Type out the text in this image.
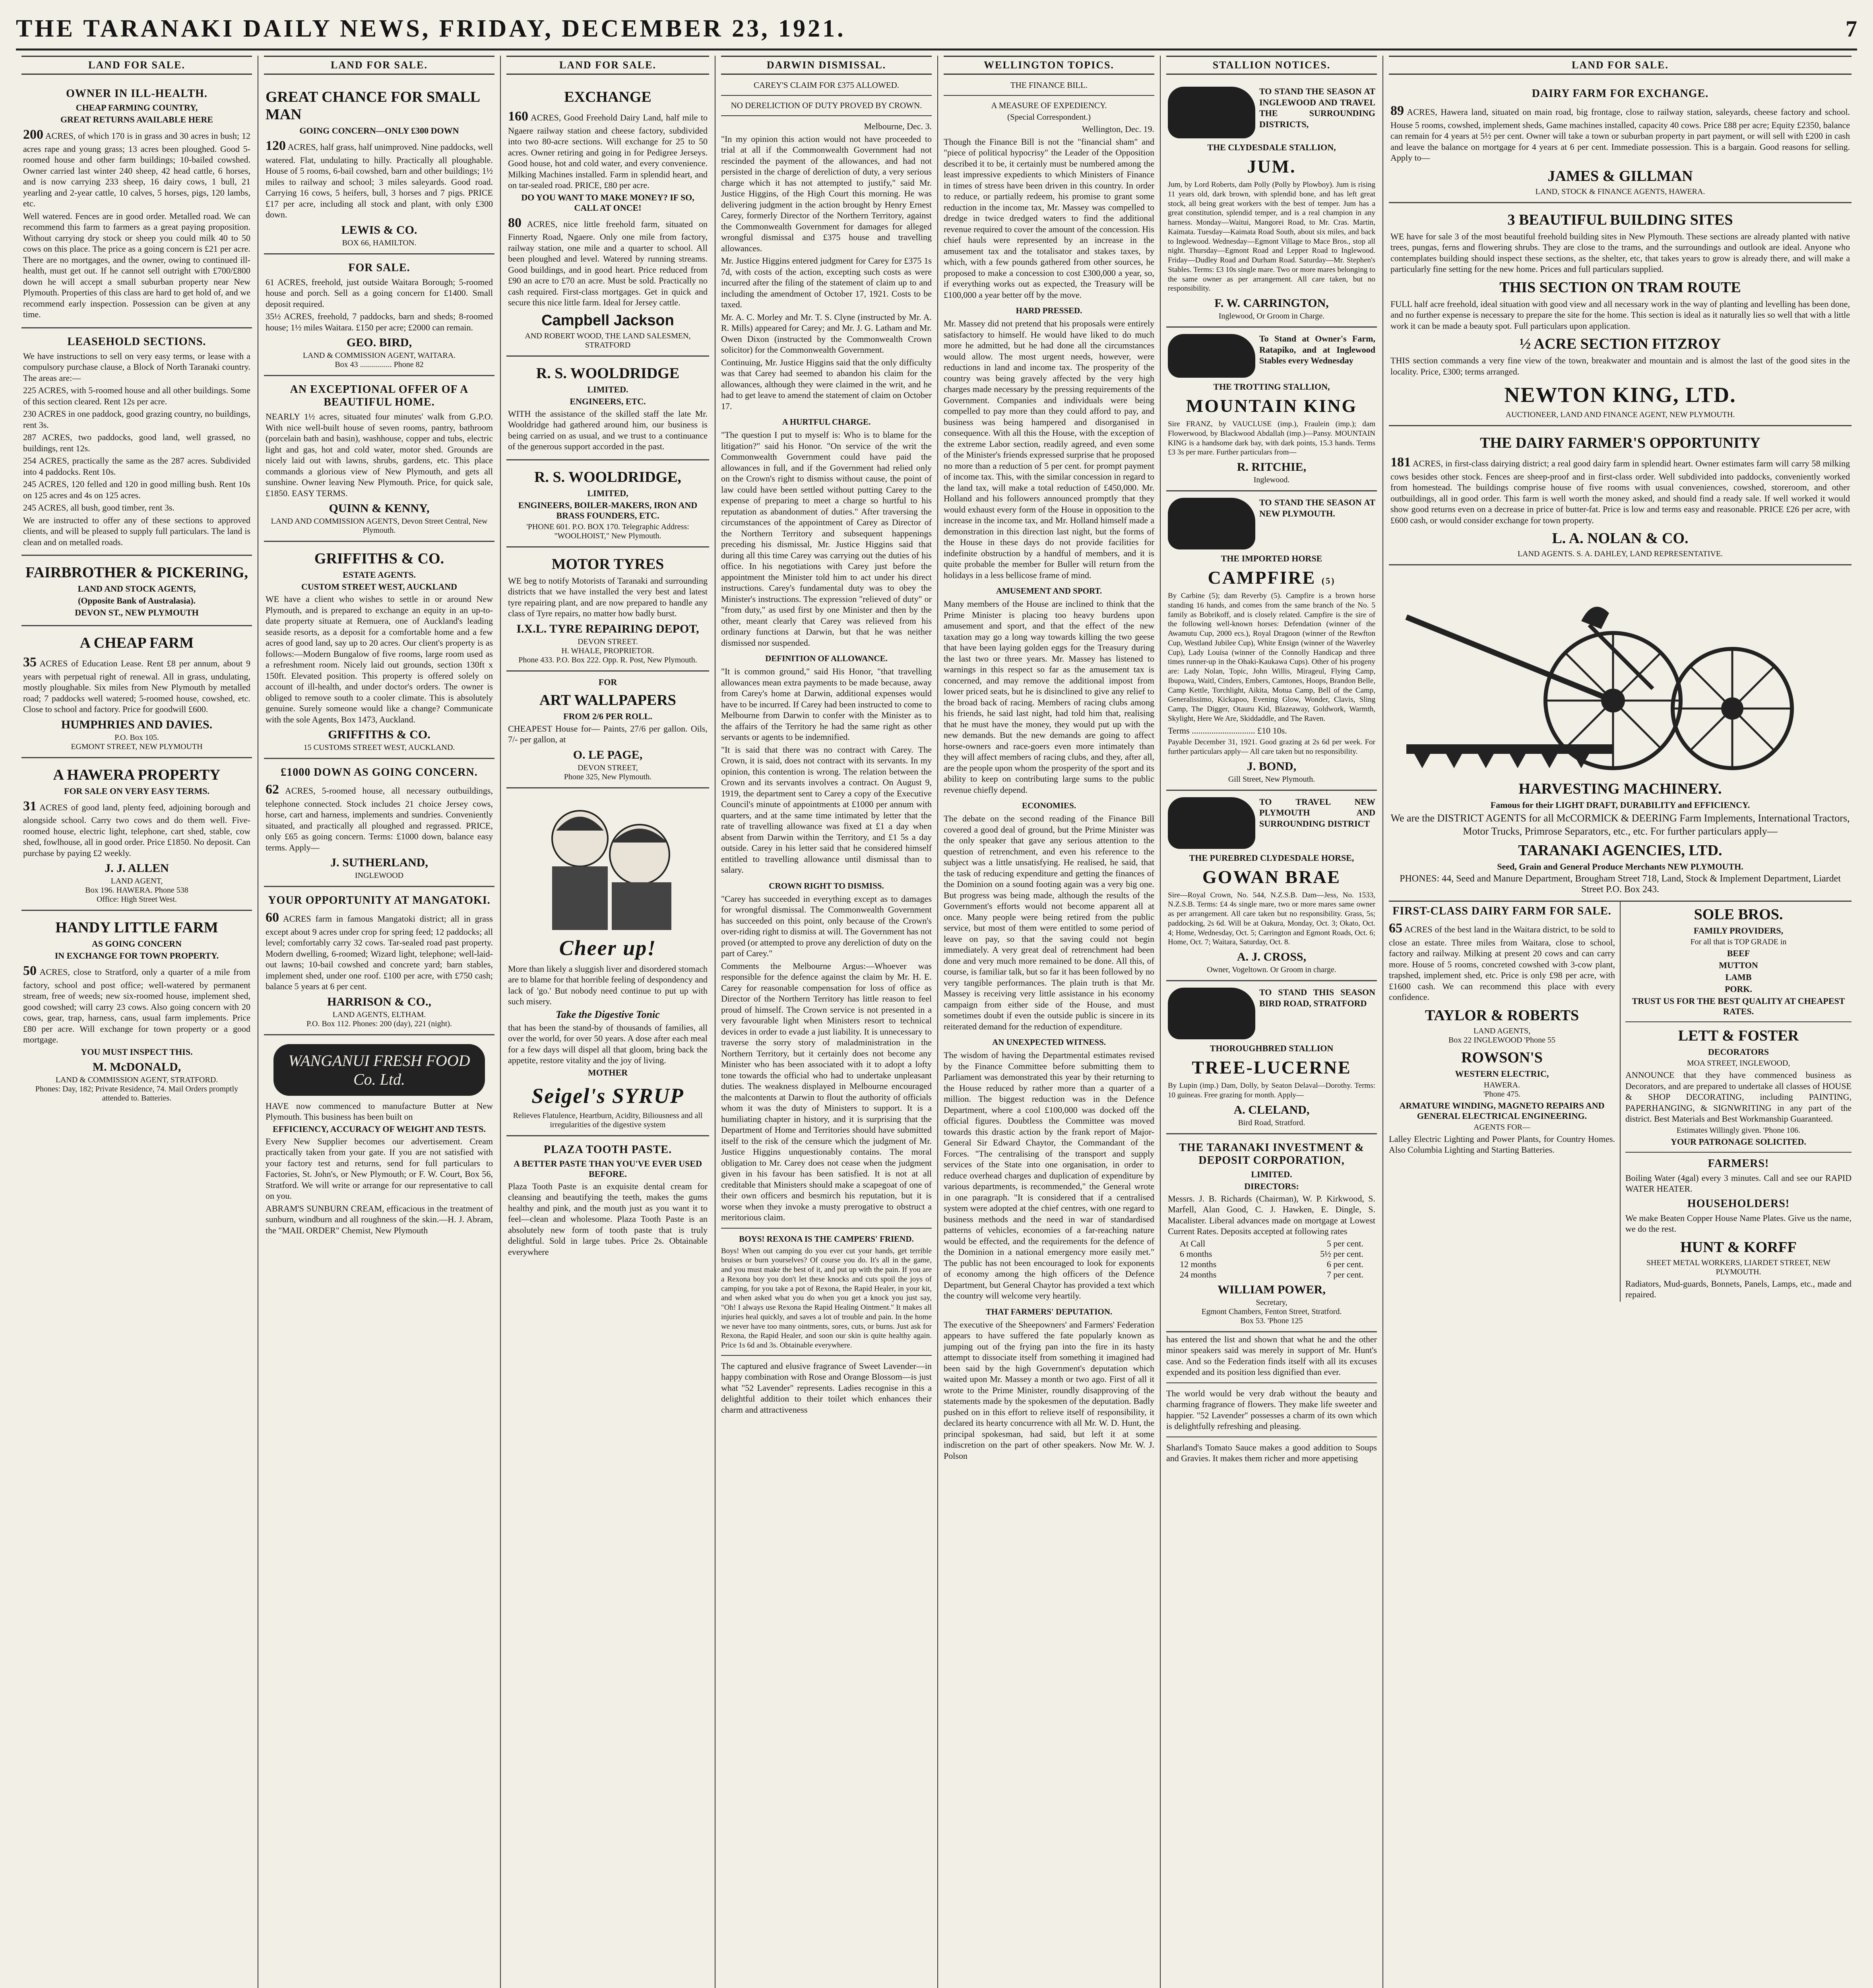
THE TARANAKI DAILY NEWS, FRIDAY, DECEMBER 23, 1921.	7
LAND FOR SALE.
OWNER IN ILL-HEALTH.
CHEAP FARMING COUNTRY,
GREAT RETURNS AVAILABLE HERE

200 ACRES, of which 170 is in grass and 30 acres in bush; 12 acres rape and young grass; 13 acres been ploughed. Good 5-roomed house and other farm buildings; 10-bailed cowshed. Owner carried last winter 240 sheep, 42 head cattle, 6 horses, and is now carrying 233 sheep, 16 dairy cows, 1 bull, 21 yearling and 2-year cattle, 10 calves, 5 horses, pigs, 120 lambs, etc.

Well watered. Fences are in good order. Metalled road. We can recommend this farm to farmers as a great paying proposition. Without carrying dry stock or sheep you could milk 40 to 50 cows on this place. The price as a going concern is £21 per acre. There are no mortgages, and the owner, owing to continued ill-health, must get out. If he cannot sell outright with £700/£800 down he will accept a small suburban property near New Plymouth. Properties of this class are hard to get hold of, and we recommend early inspection. Possession can be given at any time.

LEASEHOLD SECTIONS.

We have instructions to sell on very easy terms, or lease with a compulsory purchase clause, a Block of North Taranaki country. The areas are:—

225 ACRES, with 5-roomed house and all other buildings. Some of this section cleared. Rent 12s per acre.

230 ACRES in one paddock, good grazing country, no buildings, rent 3s.

287 ACRES, two paddocks, good land, well grassed, no buildings, rent 12s.

254 ACRES, practically the same as the 287 acres. Subdivided into 4 paddocks. Rent 10s.

245 ACRES, 120 felled and 120 in good milling bush. Rent 10s on 125 acres and 4s on 125 acres.

245 ACRES, all bush, good timber, rent 3s.

We are instructed to offer any of these sections to approved clients, and will be pleased to supply full particulars. The land is clean and on metalled roads.

FAIRBROTHER & PICKERING,
LAND AND STOCK AGENTS,
(Opposite Bank of Australasia).
DEVON ST., NEW PLYMOUTH
A CHEAP FARM

35 ACRES of Education Lease. Rent £8 per annum, about 9 years with perpetual right of renewal. All in grass, undulating, mostly ploughable. Six miles from New Plymouth by metalled road; 7 paddocks well watered; 5-roomed house, cowshed, etc. Close to school and factory. Price for goodwill £600.

HUMPHRIES AND DAVIES.
P.O. Box 105.
EGMONT STREET, NEW PLYMOUTH
A HAWERA PROPERTY
FOR SALE ON VERY EASY TERMS.

31 ACRES of good land, plenty feed, adjoining borough and alongside school. Carry two cows and do them well. Five-roomed house, electric light, telephone, cart shed, stable, cow shed, fowlhouse, all in good order. Price £1850. No deposit. Can purchase by paying £2 weekly.

J. J. ALLEN
LAND AGENT,
Box 196. HAWERA. Phone 538
Office: High Street West.
HANDY LITTLE FARM
AS GOING CONCERN
IN EXCHANGE FOR TOWN PROPERTY.

50 ACRES, close to Stratford, only a quarter of a mile from factory, school and post office; well-watered by permanent stream, free of weeds; new six-roomed house, implement shed, good cowshed; will carry 23 cows. Also going concern with 20 cows, gear, trap, harness, cans, usual farm implements. Price £80 per acre. Will exchange for town property or a good mortgage.

YOU MUST INSPECT THIS.
M. McDONALD,
LAND & COMMISSION AGENT, STRATFORD.
Phones: Day, 182; Private Residence, 74. Mail Orders promptly attended to. Batteries.
LAND FOR SALE.
GREAT CHANCE FOR SMALL MAN
GOING CONCERN—ONLY £300 DOWN

120 ACRES, half grass, half unimproved. Nine paddocks, well watered. Flat, undulating to hilly. Practically all ploughable. House of 5 rooms, 6-bail cowshed, barn and other buildings; 1½ miles to railway and school; 3 miles saleyards. Good road. Carrying 16 cows, 5 heifers, bull, 3 horses and 7 pigs. PRICE £17 per acre, including all stock and plant, with only £300 down.

LEWIS & CO.
BOX 66, HAMILTON.
FOR SALE.

61 ACRES, freehold, just outside Waitara Borough; 5-roomed house and porch. Sell as a going concern for £1400. Small deposit required.

35½ ACRES, freehold, 7 paddocks, barn and sheds; 8-roomed house; 1½ miles Waitara. £150 per acre; £2000 can remain.

GEO. BIRD,
LAND & COMMISSION AGENT, WAITARA.
Box 43 ................ Phone 82
AN EXCEPTIONAL OFFER OF A BEAUTIFUL HOME.

NEARLY 1½ acres, situated four minutes' walk from G.P.O. With nice well-built house of seven rooms, pantry, bathroom (porcelain bath and basin), washhouse, copper and tubs, electric light and gas, hot and cold water, motor shed. Grounds are nicely laid out with lawns, shrubs, gardens, etc. This place commands a glorious view of New Plymouth, and gets all sunshine. Owner leaving New Plymouth. Price, for quick sale, £1850. EASY TERMS.

QUINN & KENNY,
LAND AND COMMISSION AGENTS, Devon Street Central, New Plymouth.
GRIFFITHS & CO.
ESTATE AGENTS.
CUSTOM STREET WEST, AUCKLAND

WE have a client who wishes to settle in or around New Plymouth, and is prepared to exchange an equity in an up-to-date property situate at Remuera, one of Auckland's leading seaside resorts, as a deposit for a comfortable home and a few acres of good land, say up to 20 acres. Our client's property is as follows:—Modern Bungalow of five rooms, large room used as a refreshment room. Nicely laid out grounds, section 130ft x 150ft. Elevated position. This property is offered solely on account of ill-health, and under doctor's orders. The owner is obliged to remove south to a cooler climate. This is absolutely genuine. Surely someone would like a change? Communicate with the sole Agents, Box 1473, Auckland.

GRIFFITHS & CO.
15 CUSTOMS STREET WEST, AUCKLAND.
£1000 DOWN AS GOING CONCERN.

62 ACRES, 5-roomed house, all necessary outbuildings, telephone connected. Stock includes 21 choice Jersey cows, horse, cart and harness, implements and sundries. Conveniently situated, and practically all ploughed and regrassed. PRICE, only £65 as going concern. Terms: £1000 down, balance easy terms. Apply—

J. SUTHERLAND,
INGLEWOOD
YOUR OPPORTUNITY AT MANGATOKI.

60 ACRES farm in famous Mangatoki district; all in grass except about 9 acres under crop for spring feed; 12 paddocks; all level; comfortably carry 32 cows. Tar-sealed road past property. Modern dwelling, 6-roomed; Wizard light, telephone; well-laid-out lawns; 10-bail cowshed and concrete yard; barn stables, implement shed, under one roof. £100 per acre, with £750 cash; balance 5 years at 6 per cent.

HARRISON & CO.,
LAND AGENTS, ELTHAM.
P.O. Box 112. Phones: 200 (day), 221 (night).
WANGANUI FRESH FOOD Co. Ltd.

HAVE now commenced to manufacture Butter at New Plymouth. This business has been built on

EFFICIENCY, ACCURACY OF WEIGHT AND TESTS.

Every New Supplier becomes our advertisement. Cream practically taken from your gate. If you are not satisfied with your factory test and returns, send for full particulars to Factories, St. John's, or New Plymouth; or F. W. Court, Box 56, Stratford. We will write or arrange for our representative to call on you.

ABRAM'S SUNBURN CREAM, efficacious in the treatment of sunburn, windburn and all roughness of the skin.—H. J. Abram, the "MAIL ORDER" Chemist, New Plymouth

LAND FOR SALE.
EXCHANGE

160 ACRES, Good Freehold Dairy Land, half mile to Ngaere railway station and cheese factory, subdivided into two 80-acre sections. Will exchange for 25 to 50 acres. Owner retiring and going in for Pedigree Jerseys. Good house, hot and cold water, and every convenience. Milking Machines installed. Farm in splendid heart, and on tar-sealed road. PRICE, £80 per acre.

DO YOU WANT TO MAKE MONEY? IF SO, CALL AT ONCE!

80 ACRES, nice little freehold farm, situated on Finnerty Road, Ngaere. Only one mile from factory, railway station, one mile and a quarter to school. All been ploughed and level. Watered by running streams. Good buildings, and in good heart. Price reduced from £90 an acre to £70 an acre. Must be sold. Practically no cash required. First-class mortgages. Get in quick and secure this nice little farm. Ideal for Jersey cattle.

Campbell Jackson
AND ROBERT WOOD, THE LAND SALESMEN, STRATFORD
R. S. WOOLDRIDGE
LIMITED.
ENGINEERS, ETC.

WITH the assistance of the skilled staff the late Mr. Wooldridge had gathered around him, our business is being carried on as usual, and we trust to a continuance of the generous support accorded in the past.

R. S. WOOLDRIDGE,
LIMITED,
ENGINEERS, BOILER-MAKERS, IRON AND BRASS FOUNDERS, ETC.
'PHONE 601. P.O. BOX 170. Telegraphic Address: "WOOLHOIST," New Plymouth.
MOTOR TYRES

WE beg to notify Motorists of Taranaki and surrounding districts that we have installed the very best and latest tyre repairing plant, and are now prepared to handle any class of Tyre repairs, no matter how badly burst.

I.X.L. TYRE REPAIRING DEPOT,
DEVON STREET.
H. WHALE, PROPRIETOR.
Phone 433. P.O. Box 222. Opp. R. Post, New Plymouth.
FOR
ART WALLPAPERS
FROM 2/6 PER ROLL.

CHEAPEST House for— Paints, 27/6 per gallon. Oils, 7/- per gallon, at

O. LE PAGE,
DEVON STREET,
Phone 325, New Plymouth.
Cheer up!

More than likely a sluggish liver and disordered stomach are to blame for that horrible feeling of despondency and lack of 'go.' But nobody need continue to put up with such misery.

Take the Digestive Tonic

that has been the stand-by of thousands of families, all over the world, for over 50 years. A dose after each meal for a few days will dispel all that gloom, bring back the appetite, restore vitality and the joy of living.

MOTHER
Seigel's SYRUP
Relieves Flatulence, Heartburn, Acidity, Biliousness and all irregularities of the digestive system
PLAZA TOOTH PASTE.
A BETTER PASTE THAN YOU'VE EVER USED BEFORE.

Plaza Tooth Paste is an exquisite dental cream for cleansing and beautifying the teeth, makes the gums healthy and pink, and the mouth just as you want it to feel—clean and wholesome. Plaza Tooth Paste is an absolutely new form of tooth paste that is truly delightful. Sold in large tubes. Price 2s. Obtainable everywhere

DARWIN DISMISSAL.
CAREY'S CLAIM FOR £375 ALLOWED.
NO DERELICTION OF DUTY PROVED BY CROWN.

Melbourne, Dec. 3.

"In my opinion this action would not have proceeded to trial at all if the Commonwealth Government had not rescinded the payment of the allowances, and had not persisted in the charge of dereliction of duty, a very serious charge which it has not attempted to justify," said Mr. Justice Higgins, of the High Court this morning. He was delivering judgment in the action brought by Henry Ernest Carey, formerly Director of the Northern Territory, against the Commonwealth Government for damages for alleged wrongful dismissal and £375 house and travelling allowances.

Mr. Justice Higgins entered judgment for Carey for £375 1s 7d, with costs of the action, excepting such costs as were incurred after the filing of the statement of claim up to and including the amendment of October 17, 1921. Costs to be taxed.

Mr. A. C. Morley and Mr. T. S. Clyne (instructed by Mr. A. R. Mills) appeared for Carey; and Mr. J. G. Latham and Mr. Owen Dixon (instructed by the Commonwealth Crown solicitor) for the Commonwealth Government.

Continuing, Mr. Justice Higgins said that the only difficulty was that Carey had seemed to abandon his claim for the allowances, although they were claimed in the writ, and he had to get leave to amend the statement of claim on October 17.

A HURTFUL CHARGE.

"The question I put to myself is: Who is to blame for the litigation?" said his Honor. "On service of the writ the Commonwealth Government could have paid the allowances in full, and if the Government had relied only on the Crown's right to dismiss without cause, the point of law could have been settled without putting Carey to the expense of preparing to meet a charge so hurtful to his reputation as abandonment of duties." After traversing the circumstances of the appointment of Carey as Director of the Northern Territory and subsequent happenings preceding his dismissal, Mr. Justice Higgins said that during all this time Carey was carrying out the duties of his office. In his negotiations with Carey just before the appointment the Minister told him to act under his direct instructions. Carey's fundamental duty was to obey the Minister's instructions. The expression "relieved of duty" or "from duty," as used first by one Minister and then by the other, meant clearly that Carey was relieved from his ordinary functions at Darwin, but that he was neither dismissed nor suspended.

DEFINITION OF ALLOWANCE.

"It is common ground," said His Honor, "that travelling allowances mean extra payments to be made because, away from Carey's home at Darwin, additional expenses would have to be incurred. If Carey had been instructed to come to Melbourne from Darwin to confer with the Minister as to the affairs of the Territory he had the same right as other servants or agents to be indemnified.

"It is said that there was no contract with Carey. The Crown, it is said, does not contract with its servants. In my opinion, this contention is wrong. The relation between the Crown and its servants involves a contract. On August 9, 1919, the department sent to Carey a copy of the Executive Council's minute of appointments at £1000 per annum with quarters, and at the same time intimated by letter that the rate of travelling allowance was fixed at £1 a day when absent from Darwin within the Territory, and £1 5s a day outside. Carey in his letter said that he considered himself entitled to travelling allowance until dismissal than to salary.

CROWN RIGHT TO DISMISS.

"Carey has succeeded in everything except as to damages for wrongful dismissal. The Commonwealth Government has succeeded on this point, only because of the Crown's over-riding right to dismiss at will. The Government has not proved (or attempted to prove any dereliction of duty on the part of Carey."

Comments the Melbourne Argus:—Whoever was responsible for the defence against the claim by Mr. H. E. Carey for reasonable compensation for loss of office as Director of the Northern Territory has little reason to feel proud of himself. The Crown service is not presented in a very favourable light when Ministers resort to technical devices in order to evade a just liability. It is unnecessary to traverse the sorry story of maladministration in the Northern Territory, but it certainly does not become any Minister who has been associated with it to adopt a lofty tone towards the official who had to undertake unpleasant duties. The weakness displayed in Melbourne encouraged the malcontents at Darwin to flout the authority of officials whom it was the duty of Ministers to support. It is a humiliating chapter in history, and it is surprising that the Department of Home and Territories should have submitted itself to the risk of the censure which the judgment of Mr. Justice Higgins unquestionably contains. The moral obligation to Mr. Carey does not cease when the judgment given in his favour has been satisfied. It is not at all creditable that Ministers should make a scapegoat of one of their own officers and besmirch his reputation, but it is worse when they invoke a musty prerogative to obstruct a meritorious claim.

BOYS! REXONA IS THE CAMPERS' FRIEND.

Boys! When out camping do you ever cut your hands, get terrible bruises or burn yourselves? Of course you do. It's all in the game, and you must make the best of it, and put up with the pain. If you are a Rexona boy you don't let these knocks and cuts spoil the joys of camping, for you take a pot of Rexona, the Rapid Healer, in your kit, and when asked what you do when you get a knock you just say, "Oh! I always use Rexona the Rapid Healing Ointment." It makes all injuries heal quickly, and saves a lot of trouble and pain. In the home we never have too many ointments, sores, cuts, or burns. Just ask for Rexona, the Rapid Healer, and soon our skin is quite healthy again. Price 1s 6d and 3s. Obtainable everywhere.

The captured and elusive fragrance of Sweet Lavender—in happy combination with Rose and Orange Blossom—is just what "52 Lavender" represents. Ladies recognise in this a delightful addition to their toilet which enhances their charm and attractiveness

WELLINGTON TOPICS.
THE FINANCE BILL.
A MEASURE OF EXPEDIENCY.
(Special Correspondent.)

Wellington, Dec. 19.

Though the Finance Bill is not the "financial sham" and "piece of political hypocrisy" the Leader of the Opposition described it to be, it certainly must be numbered among the least impressive expedients to which Ministers of Finance in times of stress have been driven in this country. In order to reduce, or partially redeem, his promise to grant some reduction in the income tax, Mr. Massey was compelled to dredge in twice dredged waters to find the additional revenue required to cover the amount of the concession. His chief hauls were represented by an increase in the amusement tax and the totalisator and stakes taxes, by which, with a few pounds gathered from other sources, he proposed to make a concession to cost £300,000 a year, so, if everything works out as expected, the Treasury will be £100,000 a year better off by the move.

HARD PRESSED.

Mr. Massey did not pretend that his proposals were entirely satisfactory to himself. He would have liked to do much more he admitted, but he had done all the circumstances would allow. The most urgent needs, however, were reductions in land and income tax. The prosperity of the country was being gravely affected by the very high charges made necessary by the pressing requirements of the Government. Companies and individuals were being compelled to pay more than they could afford to pay, and business was being hampered and disorganised in consequence. With all this the House, with the exception of the extreme Labor section, readily agreed, and even some of the Minister's friends expressed surprise that he proposed no more than a reduction of 5 per cent. for prompt payment of income tax. This, with the similar concession in regard to the land tax, will make a total reduction of £450,000. Mr. Holland and his followers announced promptly that they would exhaust every form of the House in opposition to the increase in the income tax, and Mr. Holland himself made a demonstration in this direction last night, but the forms of the House in these days do not provide facilities for indefinite obstruction by a handful of members, and it is quite probable the member for Buller will return from the holidays in a less bellicose frame of mind.

AMUSEMENT AND SPORT.

Many members of the House are inclined to think that the Prime Minister is placing too heavy burdens upon amusement and sport, and that the effect of the new taxation may go a long way towards killing the two geese that have been laying golden eggs for the Treasury during the last two or three years. Mr. Massey has listened to warnings in this respect so far as the amusement tax is concerned, and may remove the additional impost from lower priced seats, but he is disinclined to give any relief to the broad back of racing. Members of racing clubs among his friends, he said last night, had told him that, realising that he must have the money, they would put up with the new demands. But the new demands are going to affect horse-owners and race-goers even more intimately than they will affect members of racing clubs, and they, after all, are the people upon whom the prosperity of the sport and its ability to keep on contributing large sums to the public revenue chiefly depend.

ECONOMIES.

The debate on the second reading of the Finance Bill covered a good deal of ground, but the Prime Minister was the only speaker that gave any serious attention to the question of retrenchment, and even his reference to the subject was a little unsatisfying. He realised, he said, that the task of reducing expenditure and getting the finances of the Dominion on a sound footing again was a very big one. But progress was being made, although the results of the Government's efforts would not become apparent all at once. Many people were being retired from the public service, but most of them were entitled to some period of leave on pay, so that the saving could not begin immediately. A very great deal of retrenchment had been done and very much more remained to be done. All this, of course, is familiar talk, but so far it has been followed by no very tangible performances. The plain truth is that Mr. Massey is receiving very little assistance in his economy campaign from either side of the House, and must sometimes doubt if even the outside public is sincere in its reiterated demand for the reduction of expenditure.

AN UNEXPECTED WITNESS.

The wisdom of having the Departmental estimates revised by the Finance Committee before submitting them to Parliament was demonstrated this year by their returning to the House reduced by rather more than a quarter of a million. The biggest reduction was in the Defence Department, where a cool £100,000 was docked off the official figures. Doubtless the Committee was moved towards this drastic action by the frank report of Major-General Sir Edward Chaytor, the Commandant of the Forces. "The centralising of the transport and supply services of the State into one organisation, in order to reduce overhead charges and duplication of expenditure by various departments, is recommended," the General wrote in one paragraph. "It is considered that if a centralised system were adopted at the chief centres, with one regard to business methods and the need in war of standardised patterns of vehicles, economies of a far-reaching nature would be effected, and the requirements for the defence of the Dominion in a national emergency more easily met." The public has not been encouraged to look for exponents of economy among the high officers of the Defence Department, but General Chaytor has provided a text which the country will welcome very heartily.

THAT FARMERS' DEPUTATION.

The executive of the Sheepowners' and Farmers' Federation appears to have suffered the fate popularly known as jumping out of the frying pan into the fire in its hasty attempt to dissociate itself from something it imagined had been said by the high Government's deputation which waited upon Mr. Massey a month or two ago. First of all it wrote to the Prime Minister, roundly disapproving of the statements made by the spokesmen of the deputation. Badly pushed on in this effort to relieve itself of responsibility, it declared its hearty concurrence with all Mr. W. D. Hunt, the principal spokesman, had said, but left it at some indiscretion on the part of other speakers. Now Mr. W. J. Polson

STALLION NOTICES.

TO STAND THE SEASON AT INGLEWOOD AND TRAVEL THE SURROUNDING DISTRICTS,

THE CLYDESDALE STALLION,
JUM.

Jum, by Lord Roberts, dam Polly (Polly by Plowboy). Jum is rising 11 years old, dark brown, with splendid bone, and has left great stock, all being great workers with the best of temper. Jum has a great constitution, splendid temper, and is a real champion in any harness. Monday—Waitui, Mangorei Road, to Mr. Cras. Martin, Kaimata. Tuesday—Kaimata Road South, about six miles, and back to Inglewood. Wednesday—Egmont Village to Mace Bros., stop all night. Thursday—Egmont Road and Lepper Road to Inglewood. Friday—Dudley Road and Durham Road. Saturday—Mr. Stephen's Stables. Terms: £3 10s single mare. Two or more mares belonging to the same owner as per arrangement. All care taken, but no responsibility.

F. W. CARRINGTON,
Inglewood, Or Groom in Charge.

To Stand at Owner's Farm, Ratapiko, and at Inglewood Stables every Wednesday

THE TROTTING STALLION,
MOUNTAIN KING

Sire FRANZ, by VAUCLUSE (imp.), Fraulein (imp.); dam Flowerwood, by Blackwood Abdallah (imp.)—Pansy. MOUNTAIN KING is a handsome dark bay, with dark points, 15.3 hands. Terms £3 3s per mare. Further particulars from—

R. RITCHIE,
Inglewood.

TO STAND THE SEASON AT NEW PLYMOUTH.

THE IMPORTED HORSE
CAMPFIRE (5)

By Carbine (5); dam Reverby (5). Campfire is a brown horse standing 16 hands, and comes from the same branch of the No. 5 family as Bobrikoff, and is closely related. Campfire is the sire of the following well-known horses: Defendation (winner of the Awamutu Cup, 2000 ecs.), Royal Dragoon (winner of the Rewfton Cup, Westland Jubilee Cup), White Ensign (winner of the Waverley Cup), Lady Louisa (winner of the Connolly Handicap and three times runner-up in the Ohaki-Kaukawa Cups). Other of his progeny are: Lady Nolan, Topic, John Willis, Mirageul, Flying Camp, Ibupowa, Waitl, Cinders, Embers, Camtones, Hoops, Brandon Belle, Camp Kettle, Torchlight, Aikita, Motua Camp, Bell of the Camp, Generalissimo, Kickapoo, Evening Glow, Wonder, Clavis, Sling Camp, The Digger, Otauru Kid, Blazeaway, Goldwork, Warmth, Skylight, Here We Are, Skiddaddle, and The Raven.

Terms ............................. £10 10s.

Payable December 31, 1921. Good grazing at 2s 6d per week. For further particulars apply— All care taken but no responsibility.

J. BOND,
Gill Street, New Plymouth.

TO TRAVEL NEW PLYMOUTH AND SURROUNDING DISTRICT

THE PUREBRED CLYDESDALE HORSE,
GOWAN BRAE

Sire—Royal Crown, No. 544, N.Z.S.B. Dam—Jess, No. 1533, N.Z.S.B. Terms: £4 4s single mare, two or more mares same owner as per arrangement. All care taken but no responsibility. Grass, 5s; paddocking, 2s 6d. Will be at Oakura, Monday, Oct. 3; Okato, Oct. 4; Home, Wednesday, Oct. 5; Carrington and Egmont Roads, Oct. 6; Home, Oct. 7; Waitara, Saturday, Oct. 8.

A. J. CROSS,
Owner, Vogeltown. Or Groom in charge.

TO STAND THIS SEASON BIRD ROAD, STRATFORD

THOROUGHBRED STALLION
TREE-LUCERNE

By Lupin (imp.) Dam, Dolly, by Seaton Delaval—Dorothy. Terms: 10 guineas. Free grazing for month. Apply—

A. CLELAND,
Bird Road, Stratford.
THE TARANAKI INVESTMENT & DEPOSIT CORPORATION,
LIMITED.
DIRECTORS:

Messrs. J. B. Richards (Chairman), W. P. Kirkwood, S. Marfell, Alan Good, C. J. Hawken, E. Dingle, S. Macalister. Liberal advances made on mortgage at Lowest Current Rates. Deposits accepted at following rates

At Call	5 per cent.
6 months	5½ per cent.
12 months	6 per cent.
24 months	7 per cent.
WILLIAM POWER,
Secretary,
Egmont Chambers, Fenton Street, Stratford.
Box 53. 'Phone 125

has entered the list and shown that what he and the other minor speakers said was merely in support of Mr. Hunt's case. And so the Federation finds itself with all its excuses expended and its position less dignified than ever.

The world would be very drab without the beauty and charming fragrance of flowers. They make life sweeter and happier. "52 Lavender" possesses a charm of its own which is delightfully refreshing and pleasing.

Sharland's Tomato Sauce makes a good addition to Soups and Gravies. It makes them richer and more appetising

LAND FOR SALE.
DAIRY FARM FOR EXCHANGE.

89 ACRES, Hawera land, situated on main road, big frontage, close to railway station, saleyards, cheese factory and school. House 5 rooms, cowshed, implement sheds, Game machines installed, capacity 40 cows. Price £88 per acre; Equity £2350, balance can remain for 4 years at 5½ per cent. Owner will take a town or suburban property in part payment, or will sell with £200 in cash and leave the balance on mortgage for 4 years at 6 per cent. Immediate possession. This is a bargain. Good reasons for selling. Apply to—

JAMES & GILLMAN
LAND, STOCK & FINANCE AGENTS, HAWERA.
3 BEAUTIFUL BUILDING SITES

WE have for sale 3 of the most beautiful freehold building sites in New Plymouth. These sections are already planted with native trees, pungas, ferns and flowering shrubs. They are close to the trams, and the surroundings and outlook are ideal. Anyone who contemplates building should inspect these sections, as the shelter, etc, that takes years to grow is already there, and will make a particularly fine setting for the new home. Prices and full particulars supplied.

THIS SECTION ON TRAM ROUTE

FULL half acre freehold, ideal situation with good view and all necessary work in the way of planting and levelling has been done, and no further expense is necessary to prepare the site for the home. This section is ideal as it naturally lies so well that with a little work it can be made a beauty spot. Full particulars upon application.

½ ACRE SECTION FITZROY

THIS section commands a very fine view of the town, breakwater and mountain and is almost the last of the good sites in the locality. Price, £300; terms arranged.

NEWTON KING, LTD.
AUCTIONEER, LAND AND FINANCE AGENT, NEW PLYMOUTH.
THE DAIRY FARMER'S OPPORTUNITY

181 ACRES, in first-class dairying district; a real good dairy farm in splendid heart. Owner estimates farm will carry 58 milking cows besides other stock. Fences are sheep-proof and in first-class order. Well subdivided into paddocks, conveniently worked from homestead. The buildings comprise house of five rooms with usual conveniences, cowshed, storeroom, and other outbuildings, all in good order. This farm is well worth the money asked, and should find a ready sale. If well worked it would show good returns even on a decrease in price of butter-fat. Price is low and terms easy and reasonable. PRICE £26 per acre, with £600 cash, or would consider exchange for town property.

L. A. NOLAN & CO.
LAND AGENTS. S. A. DAHLEY, LAND REPRESENTATIVE.
HARVESTING MACHINERY.
Famous for their LIGHT DRAFT, DURABILITY and EFFICIENCY.

We are the DISTRICT AGENTS for all McCORMICK & DEERING Farm Implements, International Tractors, Motor Trucks, Primrose Separators, etc., etc. For further particulars apply—

TARANAKI AGENCIES, LTD.
Seed, Grain and General Produce Merchants NEW PLYMOUTH.
PHONES: 44, Seed and Manure Department, Brougham Street 718, Land, Stock & Implement Department, Liardet Street P.O. Box 243.
FIRST-CLASS DAIRY FARM FOR SALE.

65 ACRES of the best land in the Waitara district, to be sold to close an estate. Three miles from Waitara, close to school, factory and railway. Milking at present 20 cows and can carry more. House of 5 rooms, concreted cowshed with 3-cow plant, trapshed, implement shed, etc. Price is only £98 per acre, with £1600 cash. We can recommend this place with every confidence.

TAYLOR & ROBERTS
LAND AGENTS,
Box 22 INGLEWOOD 'Phone 55
ROWSON'S
WESTERN ELECTRIC,
HAWERA.
'Phone 475.
ARMATURE WINDING, MAGNETO REPAIRS AND GENERAL ELECTRICAL ENGINEERING.
AGENTS FOR—

Lalley Electric Lighting and Power Plants, for Country Homes. Also Columbia Lighting and Starting Batteries.

SOLE BROS.
FAMILY PROVIDERS,
For all that is TOP GRADE in
BEEF
MUTTON
LAMB
PORK.
TRUST US FOR THE BEST QUALITY AT CHEAPEST RATES.
LETT & FOSTER
DECORATORS
MOA STREET, INGLEWOOD,

ANNOUNCE that they have commenced business as Decorators, and are prepared to undertake all classes of HOUSE & SHOP DECORATING, including PAINTING, PAPERHANGING, & SIGNWRITING in any part of the district. Best Materials and Best Workmanship Guaranteed.

Estimates Willingly given. 'Phone 106.
YOUR PATRONAGE SOLICITED.
FARMERS!

Boiling Water (4gal) every 3 minutes. Call and see our RAPID WATER HEATER.

HOUSEHOLDERS!

We make Beaten Copper House Name Plates. Give us the name, we do the rest.

HUNT & KORFF
SHEET METAL WORKERS, LIARDET STREET, NEW PLYMOUTH.

Radiators, Mud-guards, Bonnets, Panels, Lamps, etc., made and repaired.
